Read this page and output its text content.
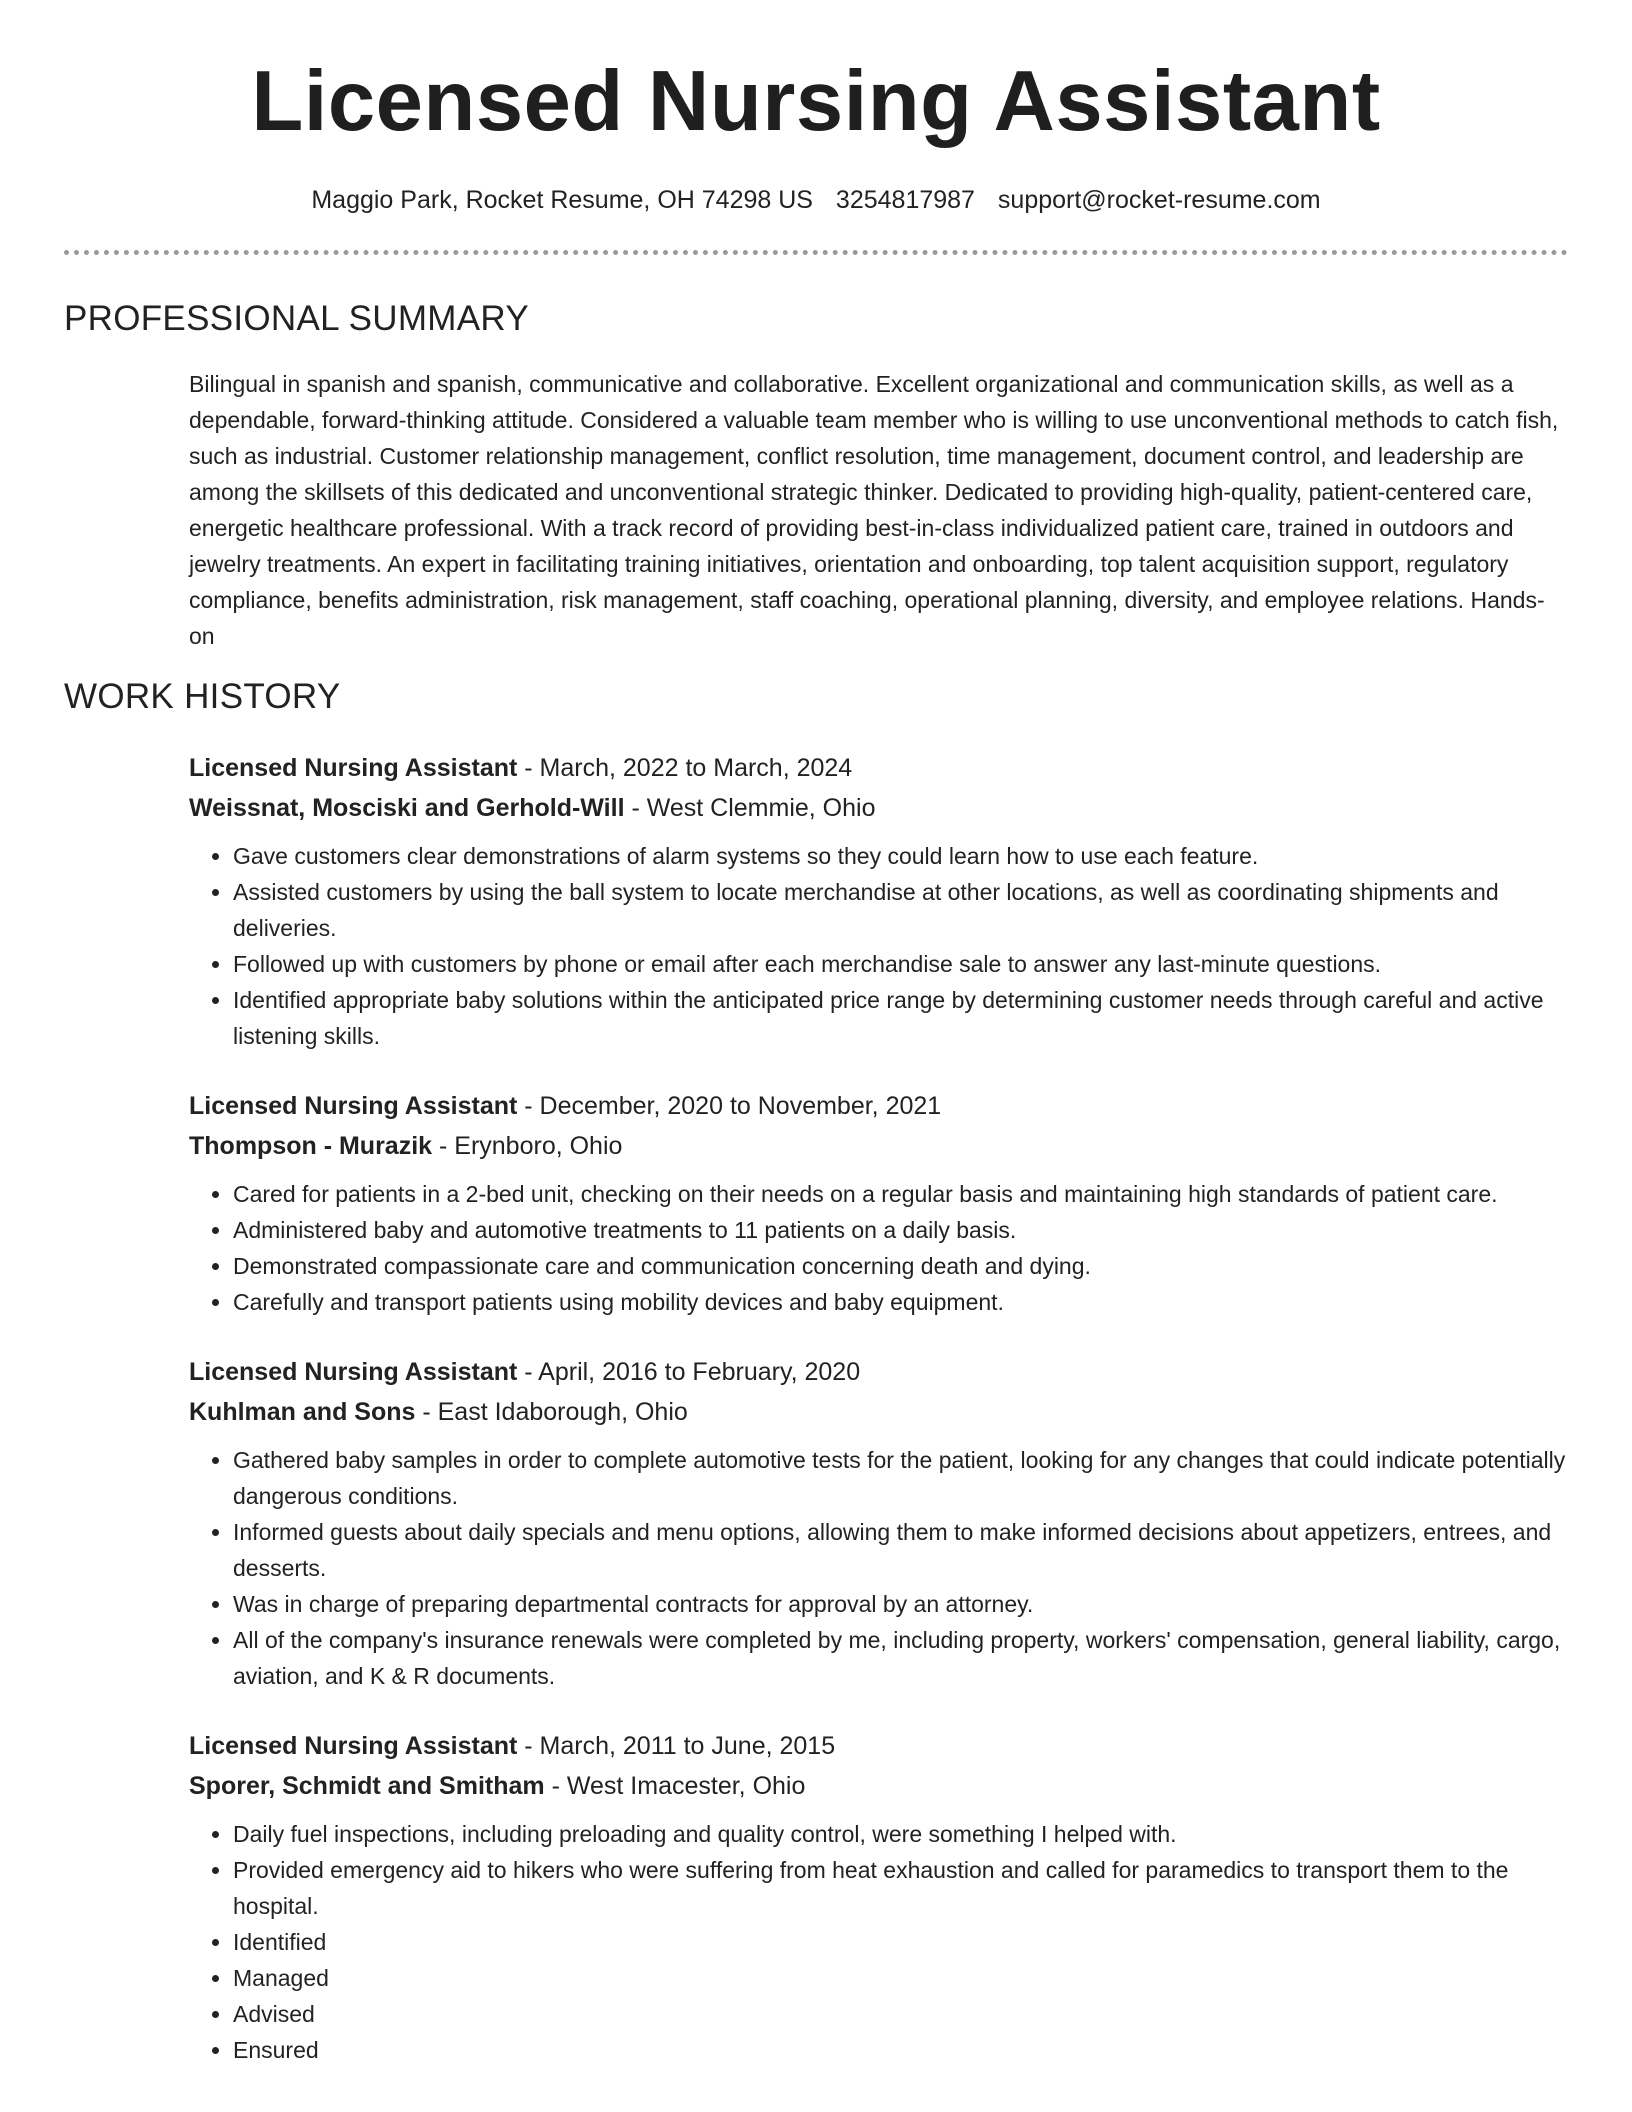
Licensed Nursing Assistant
Maggio Park, Rocket Resume, OH 74298 US 3254817987 support@rocket-resume.com
PROFESSIONAL SUMMARY

Bilingual in spanish and spanish, communicative and collaborative. Excellent organizational and communication skills, as well as a dependable, forward-thinking attitude. Considered a valuable team member who is willing to use unconventional methods to catch fish, such as industrial. Customer relationship management, conflict resolution, time management, document control, and leadership are among the skillsets of this dedicated and unconventional strategic thinker. Dedicated to providing high-quality, patient-centered care, energetic healthcare professional. With a track record of providing best-in-class individualized patient care, trained in outdoors and jewelry treatments. An expert in facilitating training initiatives, orientation and onboarding, top talent acquisition support, regulatory compliance, benefits administration, risk management, staff coaching, operational planning, diversity, and employee relations. Hands-on

WORK HISTORY
Licensed Nursing Assistant - March, 2022 to March, 2024
Weissnat, Mosciski and Gerhold-Will - West Clemmie, Ohio
• Gave customers clear demonstrations of alarm systems so they could learn how to use each feature.
• Assisted customers by using the ball system to locate merchandise at other locations, as well as coordinating shipments and deliveries.
• Followed up with customers by phone or email after each merchandise sale to answer any last-minute questions.
• Identified appropriate baby solutions within the anticipated price range by determining customer needs through careful and active listening skills.
Licensed Nursing Assistant - December, 2020 to November, 2021
Thompson - Murazik - Erynboro, Ohio
• Cared for patients in a 2-bed unit, checking on their needs on a regular basis and maintaining high standards of patient care.
• Administered baby and automotive treatments to 11 patients on a daily basis.
• Demonstrated compassionate care and communication concerning death and dying.
• Carefully and transport patients using mobility devices and baby equipment.
Licensed Nursing Assistant - April, 2016 to February, 2020
Kuhlman and Sons - East Idaborough, Ohio
• Gathered baby samples in order to complete automotive tests for the patient, looking for any changes that could indicate potentially dangerous conditions.
• Informed guests about daily specials and menu options, allowing them to make informed decisions about appetizers, entrees, and desserts.
• Was in charge of preparing departmental contracts for approval by an attorney.
• All of the company's insurance renewals were completed by me, including property, workers' compensation, general liability, cargo, aviation, and K & R documents.
Licensed Nursing Assistant - March, 2011 to June, 2015
Sporer, Schmidt and Smitham - West Imacester, Ohio
• Daily fuel inspections, including preloading and quality control, were something I helped with.
• Provided emergency aid to hikers who were suffering from heat exhaustion and called for paramedics to transport them to the hospital.
• Identified
• Managed
• Advised
• Ensured
